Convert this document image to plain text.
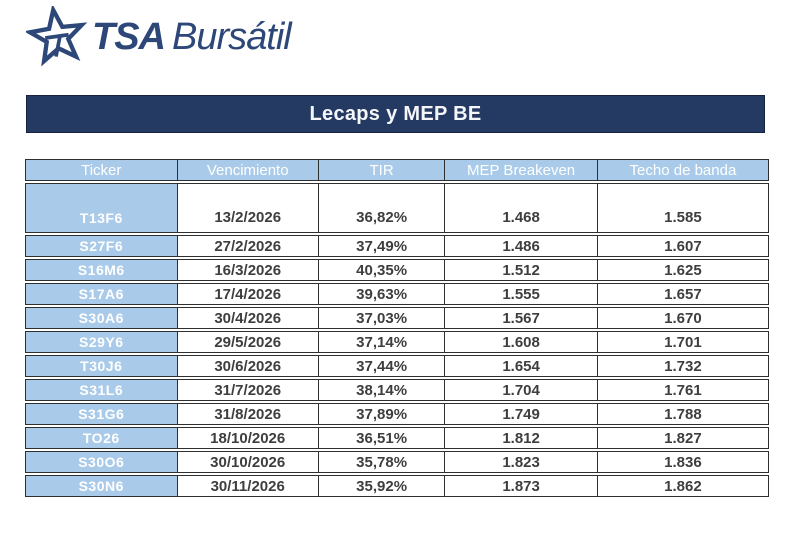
TSA Bursátil
Lecaps y MEP BE
Ticker	Vencimiento	TIR	MEP Breakeven	Techo de banda
T13F6	13/2/2026	36,82%	1.468	1.585
S27F6	27/2/2026	37,49%	1.486	1.607
S16M6	16/3/2026	40,35%	1.512	1.625
S17A6	17/4/2026	39,63%	1.555	1.657
S30A6	30/4/2026	37,03%	1.567	1.670
S29Y6	29/5/2026	37,14%	1.608	1.701
T30J6	30/6/2026	37,44%	1.654	1.732
S31L6	31/7/2026	38,14%	1.704	1.761
S31G6	31/8/2026	37,89%	1.749	1.788
TO26	18/10/2026	36,51%	1.812	1.827
S30O6	30/10/2026	35,78%	1.823	1.836
S30N6	30/11/2026	35,92%	1.873	1.862
